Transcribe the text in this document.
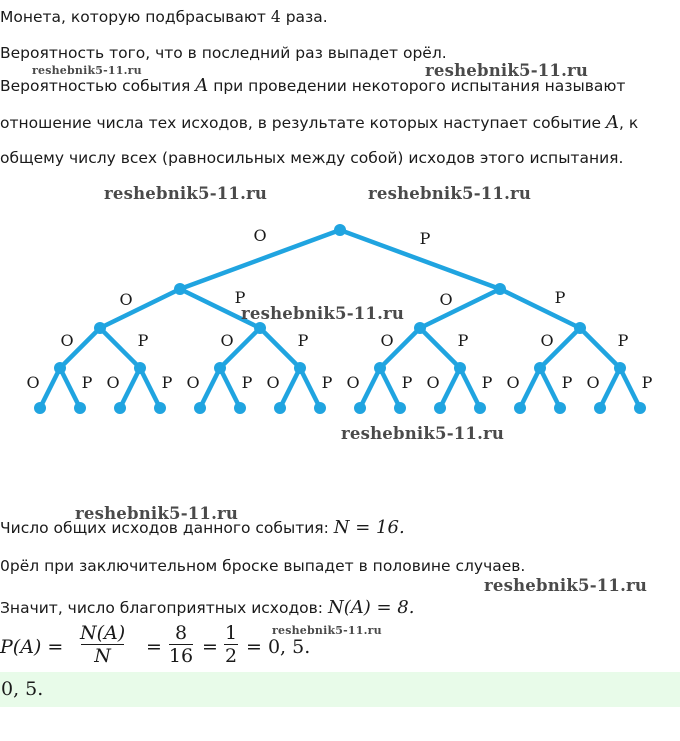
Монета, которую подбрасывают 4 раза.
Вероятность того, что в последний раз выпадет орёл.
Вероятностью события A при проведении некоторого испытания называют
отношение числа тех исходов, в результате которых наступает событие A, к
общему числу всех (равносильных между собой) исходов этого испытания.
О	Р
О	Р	О	Р
О	Р	О	Р	О	Р	О	Р
О	Р О	Р О	Р О	Р О	Р О	Р О	Р О	Р
Число общих исходов данного события: N = 16.
0рёл при заключительном броске выпадет в половине случаев.
Значит, число благоприятных исходов: N(A) = 8.
P(A) =
N(A)
N	=
8
16 =
1
2 = 0, 5.
0, 5.
reshebnik5-11.ru	reshebnik5-11.ru
reshebnik5-11.ru	reshebnik5-11.ru
reshebnik5-11.ru
reshebnik5-11.ru
reshebnik5-11.ru
reshebnik5-11.ru
reshebnik5-11.ru
